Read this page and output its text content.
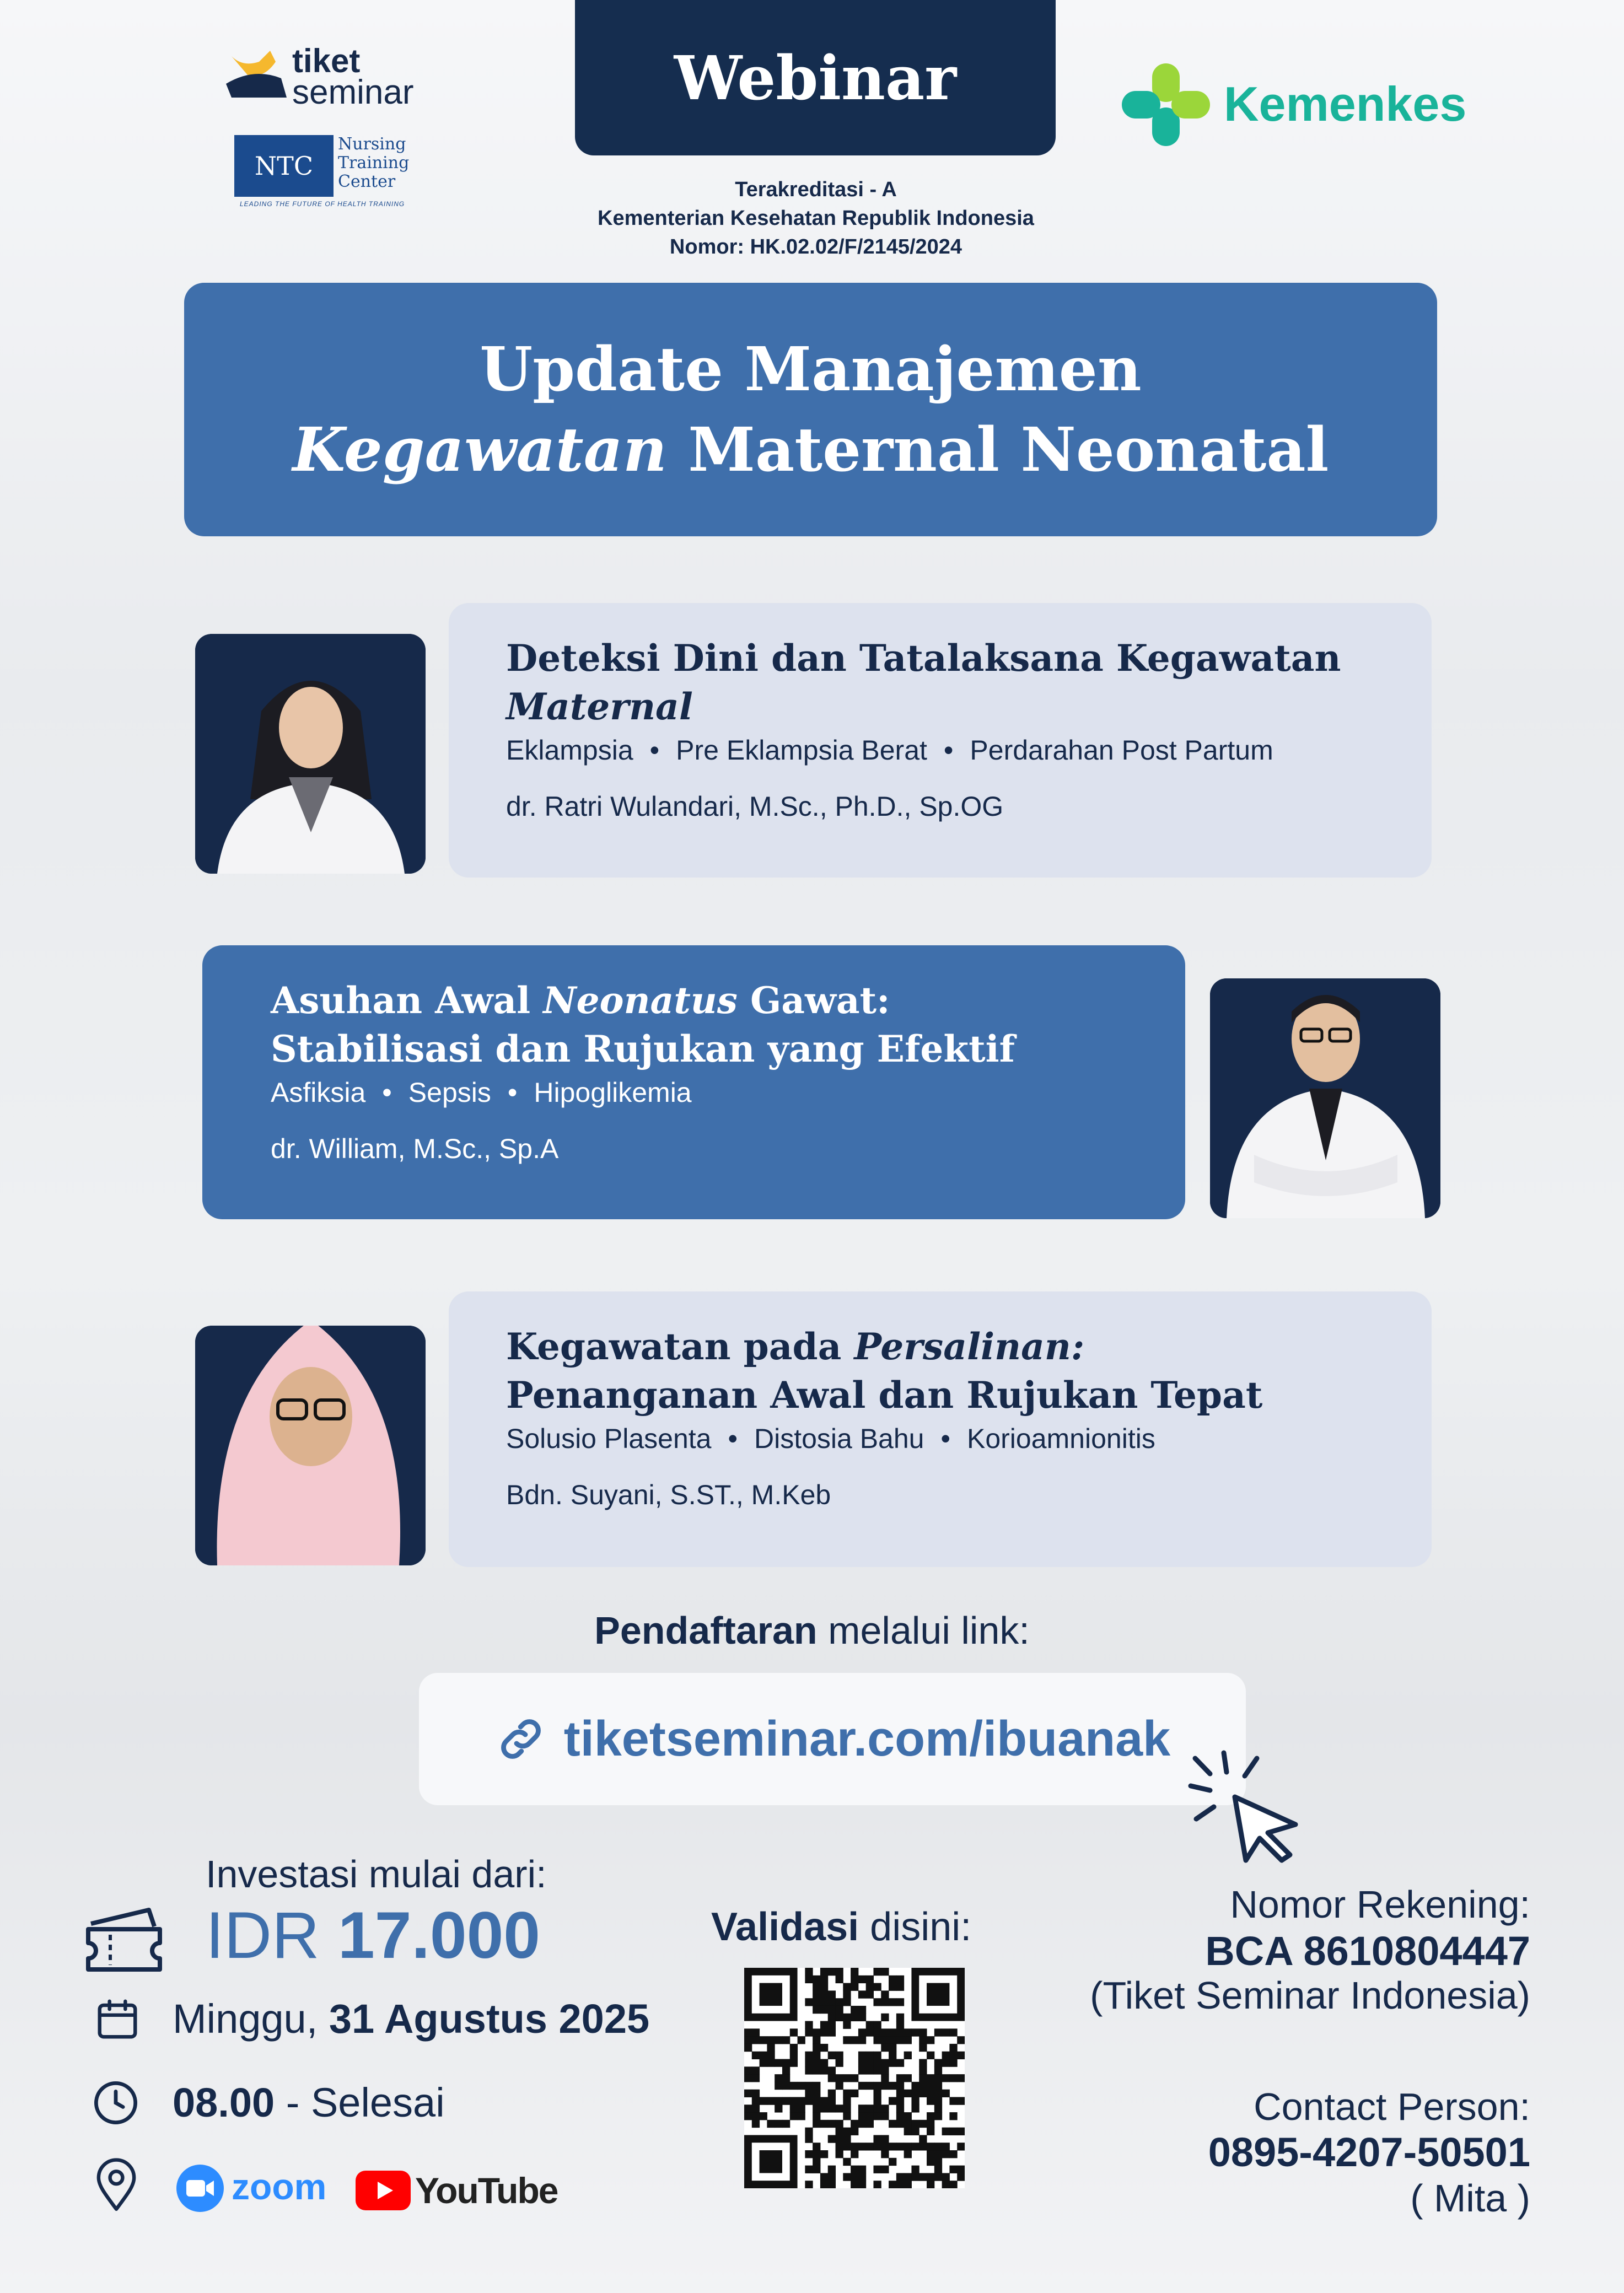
tiket
seminar
NTC
Nursing
Training
Center
LEADING THE FUTURE OF HEALTH TRAINING
Webinar
Terakreditasi - A
Kementerian Kesehatan Republik Indonesia
Nomor: HK.02.02/F/2145/2024
Kemenkes
Update Manajemen
Kegawatan Maternal Neonatal
Deteksi Dini dan Tatalaksana Kegawatan
Maternal
Eklampsia • Pre Eklampsia Berat • Perdarahan Post Partum
dr. Ratri Wulandari, M.Sc., Ph.D., Sp.OG
Asuhan Awal Neonatus Gawat:
Stabilisasi dan Rujukan yang Efektif
Asfiksia • Sepsis • Hipoglikemia
dr. William, M.Sc., Sp.A
Kegawatan pada Persalinan:
Penanganan Awal dan Rujukan Tepat
Solusio Plasenta • Distosia Bahu • Korioamnionitis
Bdn. Suyani, S.ST., M.Keb
Pendaftaran melalui link:
tiketseminar.com/ibuanak
Investasi mulai dari:
IDR 17.000
Minggu, 31 Agustus 2025
08.00 - Selesai
zoom YouTube
Validasi disini:
Nomor Rekening:
BCA 8610804447
(Tiket Seminar Indonesia)
Contact Person:
0895-4207-50501
( Mita )
